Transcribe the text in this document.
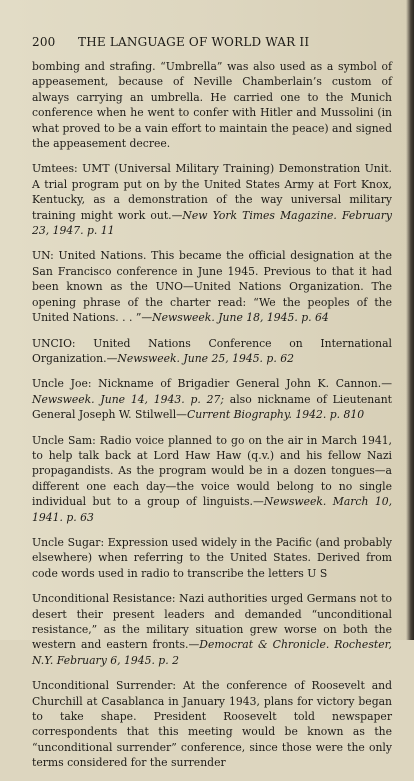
200 THE LANGUAGE OF WORLD WAR II

bombing and strafing. “Umbrella” was also used as a symbol of appeasement, because of Neville Chamberlain’s custom of always carrying an umbrella. He carried one to the Munich conference when he went to confer with Hitler and Mussolini (in what proved to be a vain effort to maintain the peace) and signed the appeasement decree.

Umtees: UMT (Universal Military Training) Demonstration Unit. A trial program put on by the United States Army at Fort Knox, Kentucky, as a demonstration of the way universal military training might work out.—New York Times Magazine. February 23, 1947. p. 11

UN: United Nations. This became the official designation at the San Francisco conference in June 1945. Previous to that it had been known as the UNO—United Nations Organization. The opening phrase of the charter read: “We the peoples of the United Nations. . . ”—Newsweek. June 18, 1945. p. 64

UNCIO: United Nations Conference on International Organization.—Newsweek. June 25, 1945. p. 62

Uncle Joe: Nickname of Brigadier General John K. Cannon.—Newsweek. June 14, 1943. p. 27; also nickname of Lieutenant General Joseph W. Stilwell—Current Biography. 1942. p. 810

Uncle Sam: Radio voice planned to go on the air in March 1941, to help talk back at Lord Haw Haw (q.v.) and his fellow Nazi propagandists. As the program would be in a dozen tongues—a different one each day—the voice would belong to no single individual but to a group of linguists.—Newsweek. March 10, 1941. p. 63

Uncle Sugar: Expression used widely in the Pacific (and probably elsewhere) when referring to the United States. Derived from code words used in radio to transcribe the letters U S

Unconditional Resistance: Nazi authorities urged Germans not to desert their present leaders and demanded “unconditional resistance,” as the military situation grew worse on both the western and eastern fronts.—Democrat & Chronicle. Rochester, N.Y. February 6, 1945. p. 2

Unconditional Surrender: At the conference of Roosevelt and Churchill at Casablanca in January 1943, plans for victory began to take shape. President Roosevelt told newspaper correspondents that this meeting would be known as the “unconditional surrender” conference, since those were the only terms considered for the surrender
